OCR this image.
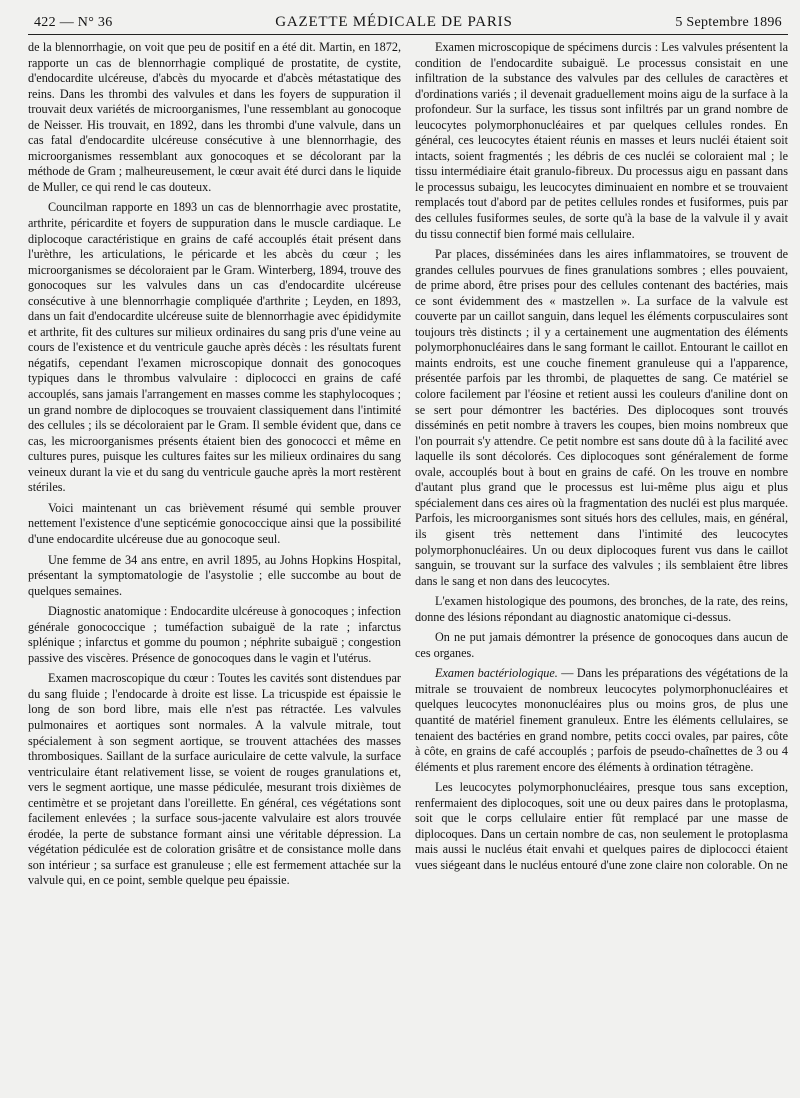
422 — N° 36	GAZETTE MÉDICALE DE PARIS	5 Septembre 1896

de la blennorrhagie, on voit que peu de positif en a été dit. Martin, en 1872, rapporte un cas de blennorrhagie compliqué de prostatite, de cystite, d'endocardite ulcéreuse, d'abcès du myocarde et d'abcès métastatique des reins. Dans les thrombi des valvules et dans les foyers de suppuration il trouvait deux variétés de microorganismes, l'une ressemblant au gonocoque de Neisser. His trouvait, en 1892, dans les thrombi d'une valvule, dans un cas fatal d'endocardite ulcéreuse consécutive à une blennorrhagie, des microorganismes ressemblant aux gonocoques et se décolorant par la méthode de Gram ; malheureusement, le cœur avait été durci dans le liquide de Muller, ce qui rend le cas douteux.

Councilman rapporte en 1893 un cas de blennorrhagie avec prostatite, arthrite, péricardite et foyers de suppuration dans le muscle cardiaque. Le diplocoque caractéristique en grains de café accouplés était présent dans l'urèthre, les articulations, le péricarde et les abcès du cœur ; les microorganismes se décoloraient par le Gram. Winterberg, 1894, trouve des gonocoques sur les valvules dans un cas d'endocardite ulcéreuse consécutive à une blennorrhagie compliquée d'arthrite ; Leyden, en 1893, dans un fait d'endocardite ulcéreuse suite de blennorrhagie avec épididymite et arthrite, fit des cultures sur milieux ordinaires du sang pris d'une veine au cours de l'existence et du ventricule gauche après décès : les résultats furent négatifs, cependant l'examen microscopique donnait des gonocoques typiques dans le thrombus valvulaire : diplococci en grains de café accouplés, sans jamais l'arrangement en masses comme les staphylocoques ; un grand nombre de diplocoques se trouvaient classiquement dans l'intimité des cellules ; ils se décoloraient par le Gram. Il semble évident que, dans ce cas, les microorganismes présents étaient bien des gonococci et même en cultures pures, puisque les cultures faites sur les milieux ordinaires du sang veineux durant la vie et du sang du ventricule gauche après la mort restèrent stériles.

Voici maintenant un cas brièvement résumé qui semble prouver nettement l'existence d'une septicémie gonococcique ainsi que la possibilité d'une endocardite ulcéreuse due au gonocoque seul.

Une femme de 34 ans entre, en avril 1895, au Johns Hopkins Hospital, présentant la symptomatologie de l'asystolie ; elle succombe au bout de quelques semaines.

Diagnostic anatomique : Endocardite ulcéreuse à gonocoques ; infection générale gonococcique ; tuméfaction subaiguë de la rate ; infarctus splénique ; infarctus et gomme du poumon ; néphrite subaiguë ; congestion passive des viscères. Présence de gonocoques dans le vagin et l'utérus.

Examen macroscopique du cœur : Toutes les cavités sont distendues par du sang fluide ; l'endocarde à droite est lisse. La tricuspide est épaissie le long de son bord libre, mais elle n'est pas rétractée. Les valvules pulmonaires et aortiques sont normales. A la valvule mitrale, tout spécialement à son segment aortique, se trouvent attachées des masses thrombosiques. Saillant de la surface auriculaire de cette valvule, la surface ventriculaire étant relativement lisse, se voient de rouges granulations et, vers le segment aortique, une masse pédiculée, mesurant trois dixièmes de centimètre et se projetant dans l'oreillette. En général, ces végétations sont facilement enlevées ; la surface sous-jacente valvulaire est alors trouvée érodée, la perte de substance formant ainsi une véritable dépression. La végétation pédiculée est de coloration grisâtre et de consistance molle dans son intérieur ; sa surface est granuleuse ; elle est fermement attachée sur la valvule qui, en ce point, semble quelque peu épaissie.

Examen microscopique de spécimens durcis : Les valvules présentent la condition de l'endocardite subaiguë. Le processus consistait en une infiltration de la substance des valvules par des cellules de caractères et d'ordinations variés ; il devenait graduellement moins aigu de la surface à la profondeur. Sur la surface, les tissus sont infiltrés par un grand nombre de leucocytes polymorphonucléaires et par quelques cellules rondes. En général, ces leucocytes étaient réunis en masses et leurs nucléi étaient soit intacts, soient fragmentés ; les débris de ces nucléi se coloraient mal ; le tissu intermédiaire était granulo-fibreux. Du processus aigu en passant dans le processus subaigu, les leucocytes diminuaient en nombre et se trouvaient remplacés tout d'abord par de petites cellules rondes et fusiformes, puis par des cellules fusiformes seules, de sorte qu'à la base de la valvule il y avait du tissu connectif bien formé mais cellulaire.

Par places, disséminées dans les aires inflammatoires, se trouvent de grandes cellules pourvues de fines granulations sombres ; elles pouvaient, de prime abord, être prises pour des cellules contenant des bactéries, mais ce sont évidemment des « mastzellen ». La surface de la valvule est couverte par un caillot sanguin, dans lequel les éléments corpusculaires sont toujours très distincts ; il y a certainement une augmentation des éléments polymorphonucléaires dans le sang formant le caillot. Entourant le caillot en maints endroits, est une couche finement granuleuse qui a l'apparence, présentée parfois par les thrombi, de plaquettes de sang. Ce matériel se colore facilement par l'éosine et retient aussi les couleurs d'aniline dont on se sert pour démontrer les bactéries. Des diplocoques sont trouvés disséminés en petit nombre à travers les coupes, bien moins nombreux que l'on pourrait s'y attendre. Ce petit nombre est sans doute dû à la facilité avec laquelle ils sont décolorés. Ces diplocoques sont généralement de forme ovale, accouplés bout à bout en grains de café. On les trouve en nombre d'autant plus grand que le processus est lui-même plus aigu et plus spécialement dans ces aires où la fragmentation des nucléi est plus marquée. Parfois, les microorganismes sont situés hors des cellules, mais, en général, ils gisent très nettement dans l'intimité des leucocytes polymorphonucléaires. Un ou deux diplocoques furent vus dans le caillot sanguin, se trouvant sur la surface des valvules ; ils semblaient être libres dans le sang et non dans des leucocytes.

L'examen histologique des poumons, des bronches, de la rate, des reins, donne des lésions répondant au diagnostic anatomique ci-dessus.

On ne put jamais démontrer la présence de gonocoques dans aucun de ces organes.

Examen bactériologique. — Dans les préparations des végétations de la mitrale se trouvaient de nombreux leucocytes polymorphonucléaires et quelques leucocytes mononucléaires plus ou moins gros, de plus une quantité de matériel finement granuleux. Entre les éléments cellulaires, se tenaient des bactéries en grand nombre, petits cocci ovales, par paires, côte à côte, en grains de café accouplés ; parfois de pseudo-chaînettes de 3 ou 4 éléments et plus rarement encore des éléments à ordination tétragène.

Les leucocytes polymorphonucléaires, presque tous sans exception, renfermaient des diplocoques, soit une ou deux paires dans le protoplasma, soit que le corps cellulaire entier fût remplacé par une masse de diplocoques. Dans un certain nombre de cas, non seulement le protoplasma mais aussi le nucléus était envahi et quelques paires de diplococci étaient vues siégeant dans le nucléus entouré d'une zone claire non colorable. On ne
